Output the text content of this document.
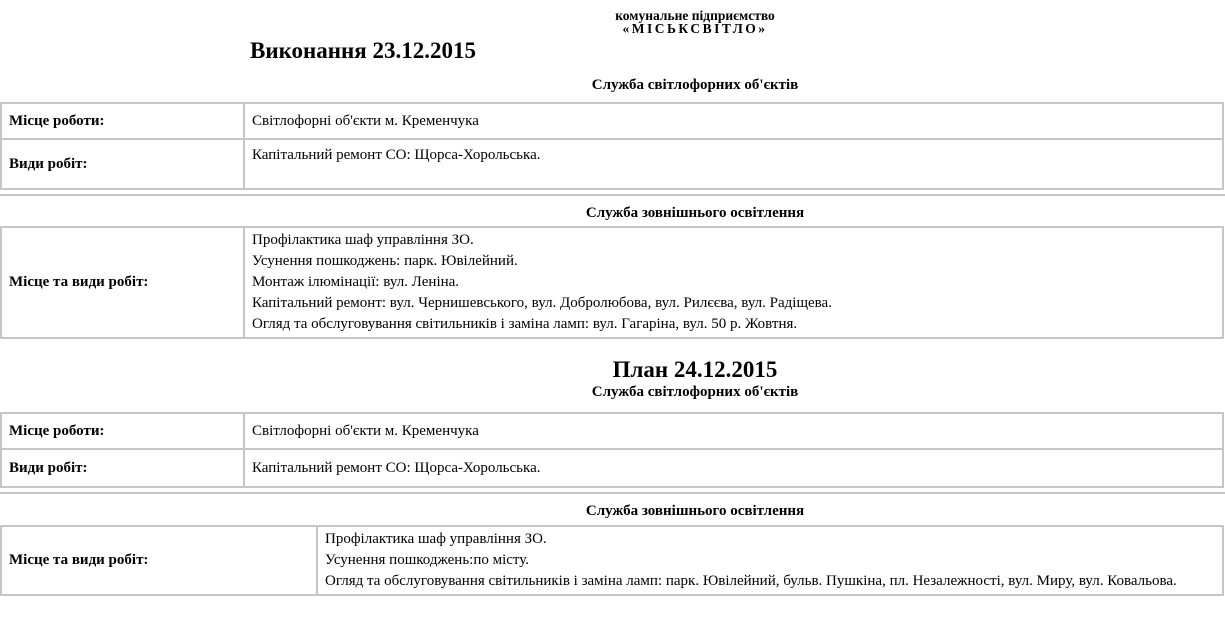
комунальне підприємство
«МІСЬКСВІТЛО»
Виконання 23.12.2015
Служба світлофорних об'єктів
Місце роботи:	Світлофорні об'єкти м. Кременчука
Види робіт:	Капітальний ремонт СО: Щорса-Хорольська.
Служба зовнішнього освітлення
Місце та види робіт:	
Профілактика шаф управління ЗО.
Усунення пошкоджень: парк. Ювілейний.
Монтаж ілюмінації: вул. Леніна.
Капітальний ремонт: вул. Чернишевського, вул. Добролюбова, вул. Рилєєва, вул. Радіщева.
Огляд та обслуговування світильників і заміна ламп: вул. Гагаріна, вул. 50 р. Жовтня.
План 24.12.2015
Служба світлофорних об'єктів
Місце роботи:	Світлофорні об'єкти м. Кременчука
Види робіт:	Капітальний ремонт СО: Щорса-Хорольська.
Служба зовнішнього освітлення
Місце та види робіт:	
Профілактика шаф управління ЗО.
Усунення пошкоджень:по місту.
Огляд та обслуговування світильників і заміна ламп: парк. Ювілейний, бульв. Пушкіна, пл. Незалежності, вул. Миру, вул. Ковальова.
